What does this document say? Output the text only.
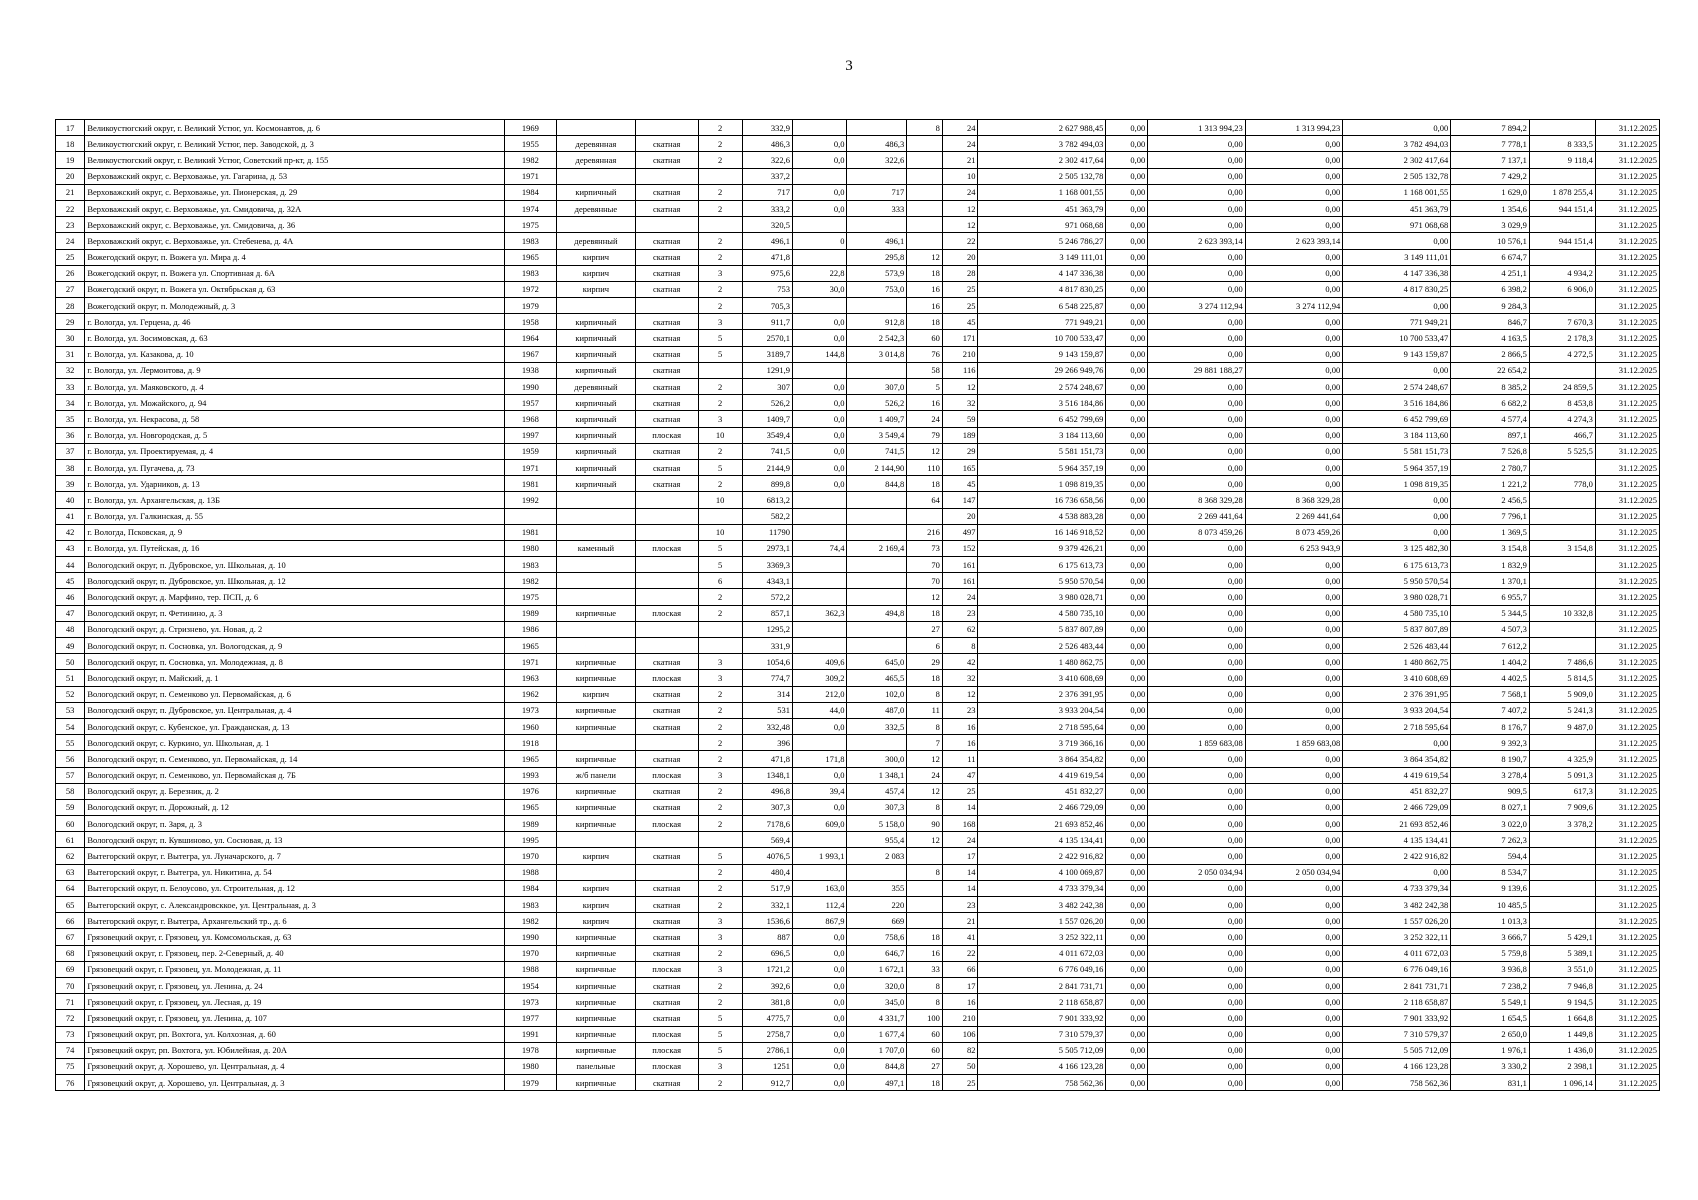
3
17	Великоустюгский округ, г. Великий Устюг, ул. Космонавтов, д. 6	1969			2	332,9			8	24	2 627 988,45	0,00	1 313 994,23	1 313 994,23	0,00	7 894,2		31.12.2025
18	Великоустюгский округ, г. Великий Устюг, пер. Заводской, д. 3	1955	деревянная	скатная	2	486,3	0,0	486,3		24	3 782 494,03	0,00	0,00	0,00	3 782 494,03	7 778,1	8 333,5	31.12.2025
19	Великоустюгский округ, г. Великий Устюг, Советский пр-кт, д. 155	1982	деревянная	скатная	2	322,6	0,0	322,6		21	2 302 417,64	0,00	0,00	0,00	2 302 417,64	7 137,1	9 118,4	31.12.2025
20	Верховажский округ, с. Верховажье, ул. Гагарина, д. 53	1971				337,2				10	2 505 132,78	0,00	0,00	0,00	2 505 132,78	7 429,2		31.12.2025
21	Верховажский округ, с. Верховажье, ул. Пионерская, д. 29	1984	кирпичный	скатная	2	717	0,0	717		24	1 168 001,55	0,00	0,00	0,00	1 168 001,55	1 629,0	1 878 255,4	31.12.2025
22	Верховажский округ, с. Верховажье, ул. Смидовича, д. 32А	1974	деревянные	скатная	2	333,2	0,0	333		12	451 363,79	0,00	0,00	0,00	451 363,79	1 354,6	944 151,4	31.12.2025
23	Верховажский округ, с. Верховажье, ул. Смидовича, д. 36	1975				320,5				12	971 068,68	0,00	0,00	0,00	971 068,68	3 029,9		31.12.2025
24	Верховажский округ, с. Верховажье, ул. Стебенева, д. 4А	1983	деревянный	скатная	2	496,1	0	496,1		22	5 246 786,27	0,00	2 623 393,14	2 623 393,14	0,00	10 576,1	944 151,4	31.12.2025
25	Вожегодский округ, п. Вожега ул. Мира д. 4	1965	кирпич	скатная	2	471,8		295,8	12	20	3 149 111,01	0,00	0,00	0,00	3 149 111,01	6 674,7		31.12.2025
26	Вожегодский округ, п. Вожега ул. Спортивная д. 6А	1983	кирпич	скатная	3	975,6	22,8	573,9	18	28	4 147 336,38	0,00	0,00	0,00	4 147 336,38	4 251,1	4 934,2	31.12.2025
27	Вожегодский округ, п. Вожега ул. Октябрьская д. 63	1972	кирпич	скатная	2	753	30,0	753,0	16	25	4 817 830,25	0,00	0,00	0,00	4 817 830,25	6 398,2	6 906,0	31.12.2025
28	Вожегодский округ, п. Молодежный, д. 3	1979			2	705,3			16	25	6 548 225,87	0,00	3 274 112,94	3 274 112,94	0,00	9 284,3		31.12.2025
29	г. Вологда, ул. Герцена, д. 46	1958	кирпичный	скатная	3	911,7	0,0	912,8	18	45	771 949,21	0,00	0,00	0,00	771 949,21	846,7	7 670,3	31.12.2025
30	г. Вологда, ул. Зосимовская, д. 63	1964	кирпичный	скатная	5	2570,1	0,0	2 542,3	60	171	10 700 533,47	0,00	0,00	0,00	10 700 533,47	4 163,5	2 178,3	31.12.2025
31	г. Вологда, ул. Казакова, д. 10	1967	кирпичный	скатная	5	3189,7	144,8	3 014,8	76	210	9 143 159,87	0,00	0,00	0,00	9 143 159,87	2 866,5	4 272,5	31.12.2025
32	г. Вологда, ул. Лермонтова, д. 9	1938	кирпичный	скатная		1291,9			58	116	29 266 949,76	0,00	29 881 188,27	0,00	0,00	22 654,2		31.12.2025
33	г. Вологда, ул. Маяковского, д. 4	1990	деревянный	скатная	2	307	0,0	307,0	5	12	2 574 248,67	0,00	0,00	0,00	2 574 248,67	8 385,2	24 859,5	31.12.2025
34	г. Вологда, ул. Можайского, д. 94	1957	кирпичный	скатная	2	526,2	0,0	526,2	16	32	3 516 184,86	0,00	0,00	0,00	3 516 184,86	6 682,2	8 453,8	31.12.2025
35	г. Вологда, ул. Некрасова, д. 58	1968	кирпичный	скатная	3	1409,7	0,0	1 409,7	24	59	6 452 799,69	0,00	0,00	0,00	6 452 799,69	4 577,4	4 274,3	31.12.2025
36	г. Вологда, ул. Новгородская, д. 5	1997	кирпичный	плоская	10	3549,4	0,0	3 549,4	79	189	3 184 113,60	0,00	0,00	0,00	3 184 113,60	897,1	466,7	31.12.2025
37	г. Вологда, ул. Проектируемая, д. 4	1959	кирпичный	скатная	2	741,5	0,0	741,5	12	29	5 581 151,73	0,00	0,00	0,00	5 581 151,73	7 526,8	5 525,5	31.12.2025
38	г. Вологда, ул. Пугачева, д. 73	1971	кирпичный	скатная	5	2144,9	0,0	2 144,90	110	165	5 964 357,19	0,00	0,00	0,00	5 964 357,19	2 780,7		31.12.2025
39	г. Вологда, ул. Ударников, д. 13	1981	кирпичный	скатная	2	899,8	0,0	844,8	18	45	1 098 819,35	0,00	0,00	0,00	1 098 819,35	1 221,2	778,0	31.12.2025
40	г. Вологда, ул. Архангельская, д. 13Б	1992			10	6813,2			64	147	16 736 658,56	0,00	8 368 329,28	8 368 329,28	0,00	2 456,5		31.12.2025
41	г. Вологда, ул. Галкинская, д. 55					582,2				20	4 538 883,28	0,00	2 269 441,64	2 269 441,64	0,00	7 796,1		31.12.2025
42	г. Вологда, Псковская, д. 9	1981			10	11790			216	497	16 146 918,52	0,00	8 073 459,26	8 073 459,26	0,00	1 369,5		31.12.2025
43	г. Вологда, ул. Путейская, д. 16	1980	каменный	плоская	5	2973,1	74,4	2 169,4	73	152	9 379 426,21	0,00	0,00	6 253 943,9	3 125 482,30	3 154,8	3 154,8	31.12.2025
44	Вологодский округ, п. Дубровское, ул. Школьная, д. 10	1983			5	3369,3			70	161	6 175 613,73	0,00	0,00	0,00	6 175 613,73	1 832,9		31.12.2025
45	Вологодский округ, п. Дубровское, ул. Школьная, д. 12	1982			6	4343,1			70	161	5 950 570,54	0,00	0,00	0,00	5 950 570,54	1 370,1		31.12.2025
46	Вологодский округ, д. Марфино, тер. ПСП, д. 6	1975			2	572,2			12	24	3 980 028,71	0,00	0,00	0,00	3 980 028,71	6 955,7		31.12.2025
47	Вологодский округ, п. Фетинино, д. 3	1989	кирпичные	плоская	2	857,1	362,3	494,8	18	23	4 580 735,10	0,00	0,00	0,00	4 580 735,10	5 344,5	10 332,8	31.12.2025
48	Вологодский округ, д. Стризнево, ул. Новая, д. 2	1986				1295,2			27	62	5 837 807,89	0,00	0,00	0,00	5 837 807,89	4 507,3		31.12.2025
49	Вологодский округ, п. Сосновка, ул. Вологодская, д. 9	1965				331,9			6	8	2 526 483,44	0,00	0,00	0,00	2 526 483,44	7 612,2		31.12.2025
50	Вологодский округ, п. Сосновка, ул. Молодежная, д. 8	1971	кирпичные	скатная	3	1054,6	409,6	645,0	29	42	1 480 862,75	0,00	0,00	0,00	1 480 862,75	1 404,2	7 486,6	31.12.2025
51	Вологодский округ, п. Майский, д. 1	1963	кирпичные	плоская	3	774,7	309,2	465,5	18	32	3 410 608,69	0,00	0,00	0,00	3 410 608,69	4 402,5	5 814,5	31.12.2025
52	Вологодский округ, п. Семенково ул. Первомайская, д. 6	1962	кирпич	скатная	2	314	212,0	102,0	8	12	2 376 391,95	0,00	0,00	0,00	2 376 391,95	7 568,1	5 909,0	31.12.2025
53	Вологодский округ, п. Дубровское, ул. Центральная, д. 4	1973	кирпичные	скатная	2	531	44,0	487,0	11	23	3 933 204,54	0,00	0,00	0,00	3 933 204,54	7 407,2	5 241,3	31.12.2025
54	Вологодский округ, с. Кубенское, ул. Гражданская, д. 13	1960	кирпичные	скатная	2	332,48	0,0	332,5	8	16	2 718 595,64	0,00	0,00	0,00	2 718 595,64	8 176,7	9 487,0	31.12.2025
55	Вологодский округ, с. Куркино, ул. Школьная, д. 1	1918			2	396			7	16	3 719 366,16	0,00	1 859 683,08	1 859 683,08	0,00	9 392,3		31.12.2025
56	Вологодский округ, п. Семенково, ул. Первомайская, д. 14	1965	кирпичные	скатная	2	471,8	171,8	300,0	12	11	3 864 354,82	0,00	0,00	0,00	3 864 354,82	8 190,7	4 325,9	31.12.2025
57	Вологодский округ, п. Семенково, ул. Первомайская д. 7Б	1993	ж/б панели	плоская	3	1348,1	0,0	1 348,1	24	47	4 419 619,54	0,00	0,00	0,00	4 419 619,54	3 278,4	5 091,3	31.12.2025
58	Вологодский округ, д. Березник, д. 2	1976	кирпичные	скатная	2	496,8	39,4	457,4	12	25	451 832,27	0,00	0,00	0,00	451 832,27	909,5	617,3	31.12.2025
59	Вологодский округ, п. Дорожный, д. 12	1965	кирпичные	скатная	2	307,3	0,0	307,3	8	14	2 466 729,09	0,00	0,00	0,00	2 466 729,09	8 027,1	7 909,6	31.12.2025
60	Вологодский округ, п. Заря, д. 3	1989	кирпичные	плоская	2	7178,6	609,0	5 158,0	90	168	21 693 852,46	0,00	0,00	0,00	21 693 852,46	3 022,0	3 378,2	31.12.2025
61	Вологодский округ, п. Кувшиново, ул. Сосновая, д. 13	1995				569,4		955,4	12	24	4 135 134,41	0,00	0,00	0,00	4 135 134,41	7 262,3		31.12.2025
62	Вытегорский округ, г. Вытегра, ул. Луначарского, д. 7	1970	кирпич	скатная	5	4076,5	1 993,1	2 083		17	2 422 916,82	0,00	0,00	0,00	2 422 916,82	594,4		31.12.2025
63	Вытегорский округ, г. Вытегра, ул. Никитина, д. 54	1988			2	480,4			8	14	4 100 069,87	0,00	2 050 034,94	2 050 034,94	0,00	8 534,7		31.12.2025
64	Вытегорский округ, п. Белоусово, ул. Строительная, д. 12	1984	кирпич	скатная	2	517,9	163,0	355		14	4 733 379,34	0,00	0,00	0,00	4 733 379,34	9 139,6		31.12.2025
65	Вытегорский округ, с. Александровсккое, ул. Центральная, д. 3	1983	кирпич	скатная	2	332,1	112,4	220		23	3 482 242,38	0,00	0,00	0,00	3 482 242,38	10 485,5		31.12.2025
66	Вытегорский округ, г. Вытегра, Архангельский тр., д. 6	1982	кирпич	скатная	3	1536,6	867,9	669		21	1 557 026,20	0,00	0,00	0,00	1 557 026,20	1 013,3		31.12.2025
67	Грязовецкий округ, г. Грязовец, ул. Комсомольская, д. 63	1990	кирпичные	скатная	3	887	0,0	758,6	18	41	3 252 322,11	0,00	0,00	0,00	3 252 322,11	3 666,7	5 429,1	31.12.2025
68	Грязовецкий округ, г. Грязовец, пер. 2-Северный, д. 40	1970	кирпичные	скатная	2	696,5	0,0	646,7	16	22	4 011 672,03	0,00	0,00	0,00	4 011 672,03	5 759,8	5 389,1	31.12.2025
69	Грязовецкий округ, г. Грязовец, ул. Молодежная, д. 11	1988	кирпичные	плоская	3	1721,2	0,0	1 672,1	33	66	6 776 049,16	0,00	0,00	0,00	6 776 049,16	3 936,8	3 551,0	31.12.2025
70	Грязовецкий округ, г. Грязовец, ул. Ленина, д. 24	1954	кирпичные	скатная	2	392,6	0,0	320,0	8	17	2 841 731,71	0,00	0,00	0,00	2 841 731,71	7 238,2	7 946,8	31.12.2025
71	Грязовецкий округ, г. Грязовец, ул. Лесная, д. 19	1973	кирпичные	скатная	2	381,8	0,0	345,0	8	16	2 118 658,87	0,00	0,00	0,00	2 118 658,87	5 549,1	9 194,5	31.12.2025
72	Грязовецкий округ, г. Грязовец, ул. Ленина, д. 107	1977	кирпичные	скатная	5	4775,7	0,0	4 331,7	100	210	7 901 333,92	0,00	0,00	0,00	7 901 333,92	1 654,5	1 664,8	31.12.2025
73	Грязовецкий округ, рп. Вохтога, ул. Колхозная, д. 60	1991	кирпичные	плоская	5	2758,7	0,0	1 677,4	60	106	7 310 579,37	0,00	0,00	0,00	7 310 579,37	2 650,0	1 449,8	31.12.2025
74	Грязовецкий округ, рп. Вохтога, ул. Юбилейная, д. 20А	1978	кирпичные	плоская	5	2786,1	0,0	1 707,0	60	82	5 505 712,09	0,00	0,00	0,00	5 505 712,09	1 976,1	1 436,0	31.12.2025
75	Грязовецкий округ, д. Хорошево, ул. Центральная, д. 4	1980	панельные	плоская	3	1251	0,0	844,8	27	50	4 166 123,28	0,00	0,00	0,00	4 166 123,28	3 330,2	2 398,1	31.12.2025
76	Грязовецкий округ, д. Хорошево, ул. Центральная, д. 3	1979	кирпичные	скатная	2	912,7	0,0	497,1	18	25	758 562,36	0,00	0,00	0,00	758 562,36	831,1	1 096,14	31.12.2025
